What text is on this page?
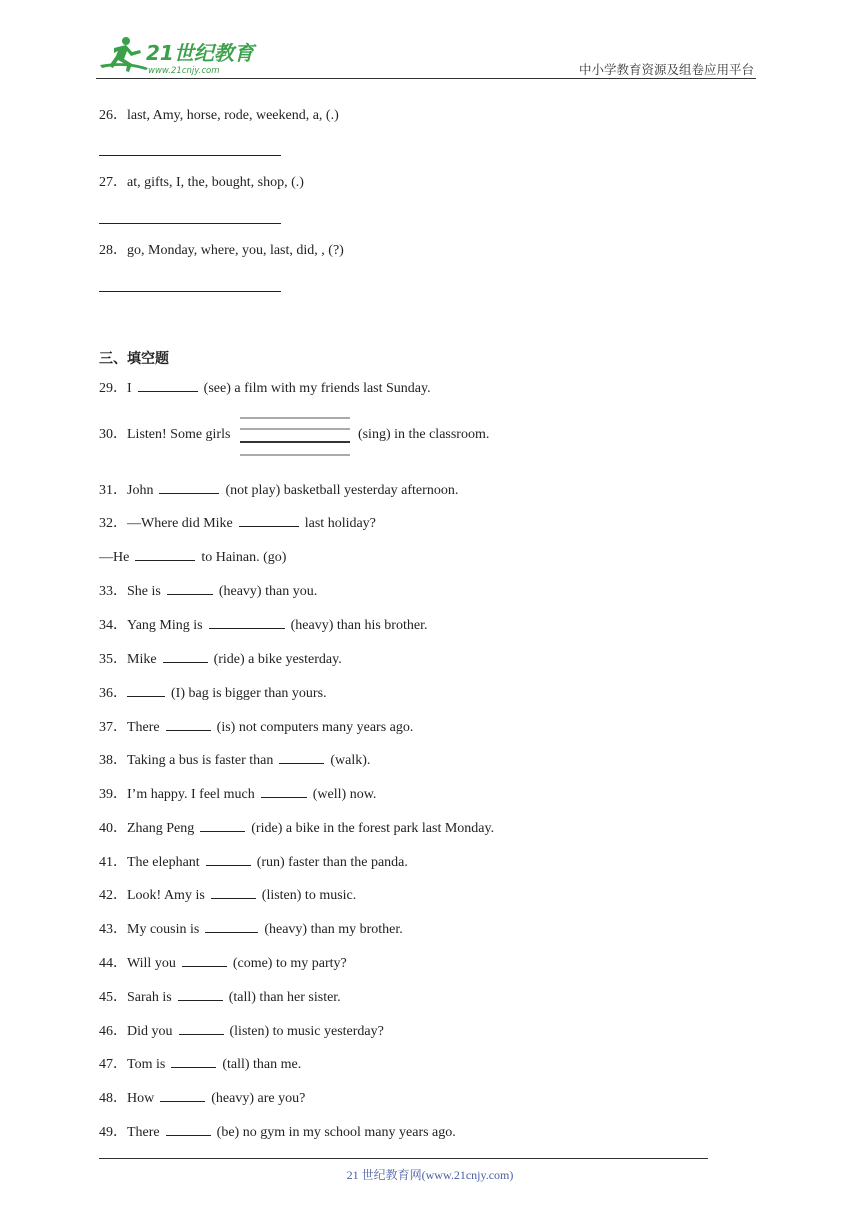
21世纪教育
www.21cnjy.com	中小学教育资源及组卷应用平台
26．last, Amy, horse, rode, weekend, a, (.)
27．at, gifts, I, the, bought, shop, (.)
28．go, Monday, where, you, last, did, , (?)
三、填空题
29．I	(see) a film with my friends last Sunday.
30．Listen! Some girls	(sing) in the classroom.
31．John	(not play) basketball yesterday afternoon.
32．—Where did Mike	last holiday?
—He	to Hainan. (go)
33．She is	(heavy) than you.
34．Yang Ming is	(heavy) than his brother.
35．Mike	(ride) a bike yesterday.
36．	(I) bag is bigger than yours.
37．There	(is) not computers many years ago.
38．Taking a bus is faster than	(walk).
39．I’m happy. I feel much	(well) now.
40．Zhang Peng	(ride) a bike in the forest park last Monday.
41．The elephant	(run) faster than the panda.
42．Look! Amy is	(listen) to music.
43．My cousin is	(heavy) than my brother.
44．Will you	(come) to my party?
45．Sarah is	(tall) than her sister.
46．Did you	(listen) to music yesterday?
47．Tom is	(tall) than me.
48．How	(heavy) are you?
49．There	(be) no gym in my school many years ago.
21 世纪教育网(www.21cnjy.com)
